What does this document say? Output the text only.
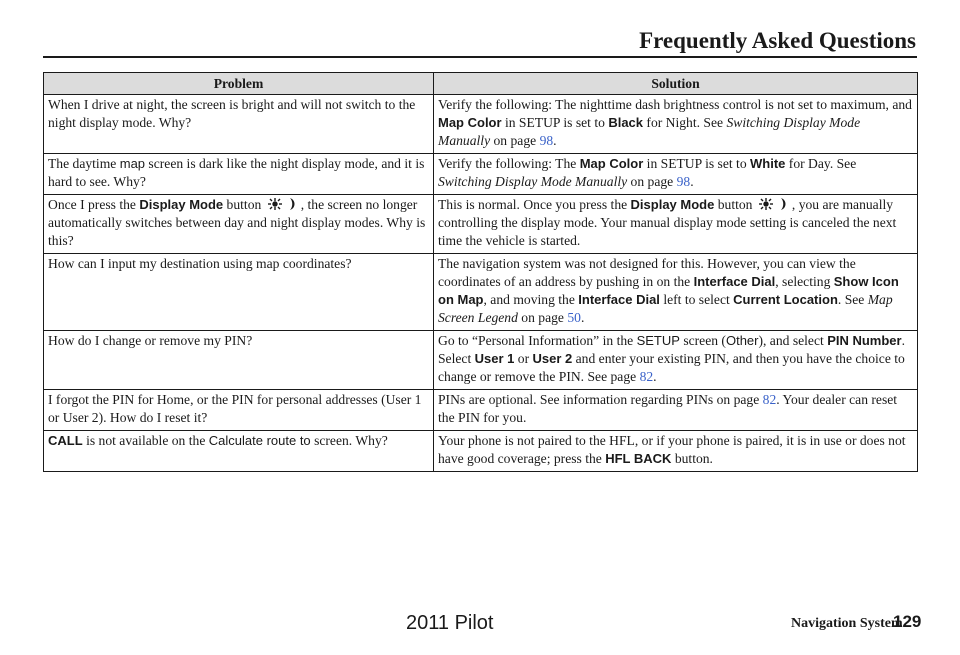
Frequently Asked Questions
Problem	Solution
When I drive at night, the screen is bright and will not switch to the night display mode. Why?	Verify the following: The nighttime dash brightness control is not set to maximum, and Map Color in SETUP is set to Black for Night. See Switching Display Mode Manually on page 98.
The daytime map screen is dark like the night display mode, and it is hard to see. Why?	Verify the following: The Map Color in SETUP is set to White for Day. See Switching Display Mode Manually on page 98.
Once I press the Display Mode button , the screen no longer automatically switches between day and night display modes. Why is this?	This is normal. Once you press the Display Mode button , you are manually controlling the display mode. Your manual display mode setting is canceled the next time the vehicle is started.
How can I input my destination using map coordinates?	The navigation system was not designed for this. However, you can view the coordinates of an address by pushing in on the Interface Dial, selecting Show Icon on Map, and moving the Interface Dial left to select Current Location. See Map Screen Legend on page 50.
How do I change or remove my PIN?	Go to “Personal Information” in the SETUP screen (Other), and select PIN Number. Select User 1 or User 2 and enter your existing PIN, and then you have the choice to change or remove the PIN. See page 82.
I forgot the PIN for Home, or the PIN for personal addresses (User 1 or User 2). How do I reset it?	PINs are optional. See information regarding PINs on page 82. Your dealer can reset the PIN for you.
CALL is not available on the Calculate route to screen. Why?	Your phone is not paired to the HFL, or if your phone is paired, it is in use or does not have good coverage; press the HFL BACK button.
Navigation System
129
2011 Pilot
